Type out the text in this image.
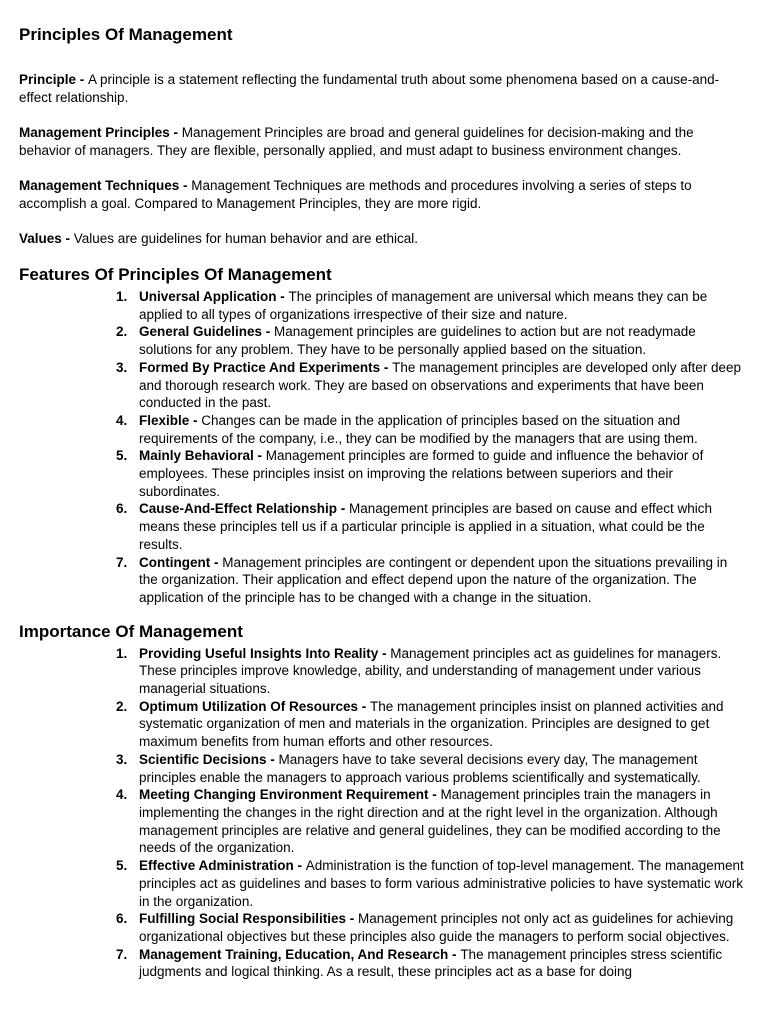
Principles Of Management

Principle - A principle is a statement reflecting the fundamental truth about some phenomena based on a cause-and-effect relationship.

Management Principles - Management Principles are broad and general guidelines for decision-making and the behavior of managers. They are flexible, personally applied, and must adapt to business environment changes.

Management Techniques - Management Techniques are methods and procedures involving a series of steps to accomplish a goal. Compared to Management Principles, they are more rigid.

Values - Values are guidelines for human behavior and are ethical.

Features Of Principles Of Management
1. Universal Application - The principles of management are universal which means they can be applied to all types of organizations irrespective of their size and nature.
2. General Guidelines - Management principles are guidelines to action but are not readymade solutions for any problem. They have to be personally applied based on the situation.
3. Formed By Practice And Experiments - The management principles are developed only after deep and thorough research work. They are based on observations and experiments that have been conducted in the past.
4. Flexible - Changes can be made in the application of principles based on the situation and requirements of the company, i.e., they can be modified by the managers that are using them.
5. Mainly Behavioral - Management principles are formed to guide and influence the behavior of employees. These principles insist on improving the relations between superiors and their subordinates.
6. Cause-And-Effect Relationship - Management principles are based on cause and effect which means these principles tell us if a particular principle is applied in a situation, what could be the results.
7. Contingent - Management principles are contingent or dependent upon the situations prevailing in the organization. Their application and effect depend upon the nature of the organization. The application of the principle has to be changed with a change in the situation.
Importance Of Management
1. Providing Useful Insights Into Reality - Management principles act as guidelines for managers. These principles improve knowledge, ability, and understanding of management under various managerial situations.
2. Optimum Utilization Of Resources - The management principles insist on planned activities and systematic organization of men and materials in the organization. Principles are designed to get maximum benefits from human efforts and other resources.
3. Scientific Decisions - Managers have to take several decisions every day, The management principles enable the managers to approach various problems scientifically and systematically.
4. Meeting Changing Environment Requirement - Management principles train the managers in implementing the changes in the right direction and at the right level in the organization. Although management principles are relative and general guidelines, they can be modified according to the needs of the organization.
5. Effective Administration - Administration is the function of top-level management. The management principles act as guidelines and bases to form various administrative policies to have systematic work in the organization.
6. Fulfilling Social Responsibilities - Management principles not only act as guidelines for achieving organizational objectives but these principles also guide the managers to perform social objectives.
7. Management Training, Education, And Research - The management principles stress scientific judgments and logical thinking. As a result, these principles act as a base for doing
